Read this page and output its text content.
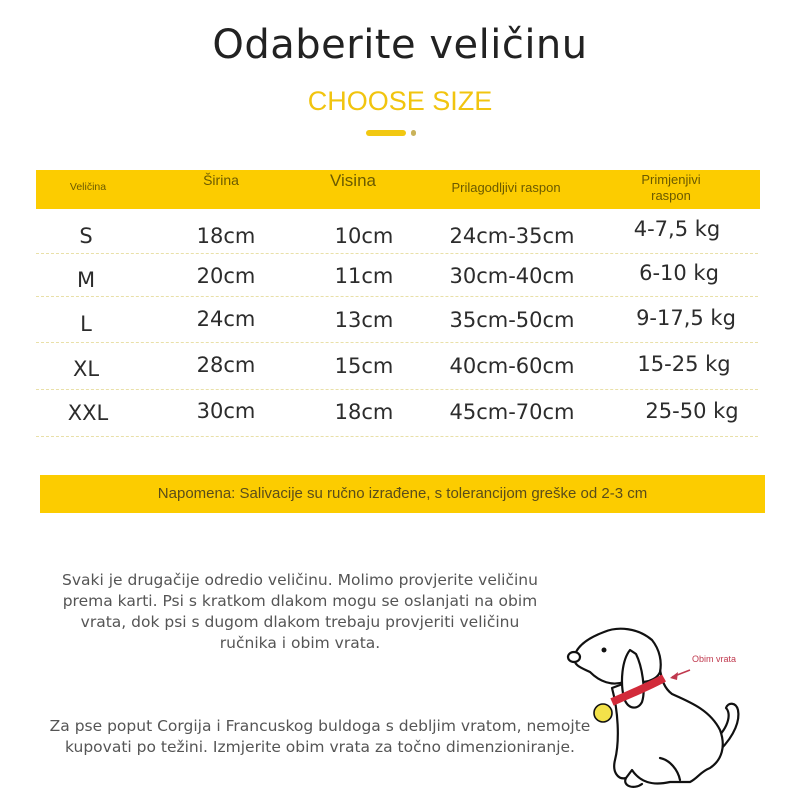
Odaberite veličinu
CHOOSE SIZE
Veličina	Širina	Visina	Prilagodljivi raspon
Primjenjivi
raspon
S	18cm	10cm	24cm-35cm	4-7,5 kg
M	20cm	11cm	30cm-40cm	6-10 kg
L	24cm	13cm	35cm-50cm	9-17,5 kg
XL	28cm	15cm	40cm-60cm	15-25 kg
XXL	30cm	18cm	45cm-70cm	25-50 kg
Napomena: Salivacije su ručno izrađene, s tolerancijom greške od 2-3 cm
Svaki je drugačije odredio veličinu. Molimo provjerite veličinu
prema karti. Psi s kratkom dlakom mogu se oslanjati na obim
vrata, dok psi s dugom dlakom trebaju provjeriti veličinu
ručnika i obim vrata.
Za pse poput Corgija i Francuskog buldoga s debljim vratom, nemojte
kupovati po težini. Izmjerite obim vrata za točno dimenzioniranje.
Obim vrata
